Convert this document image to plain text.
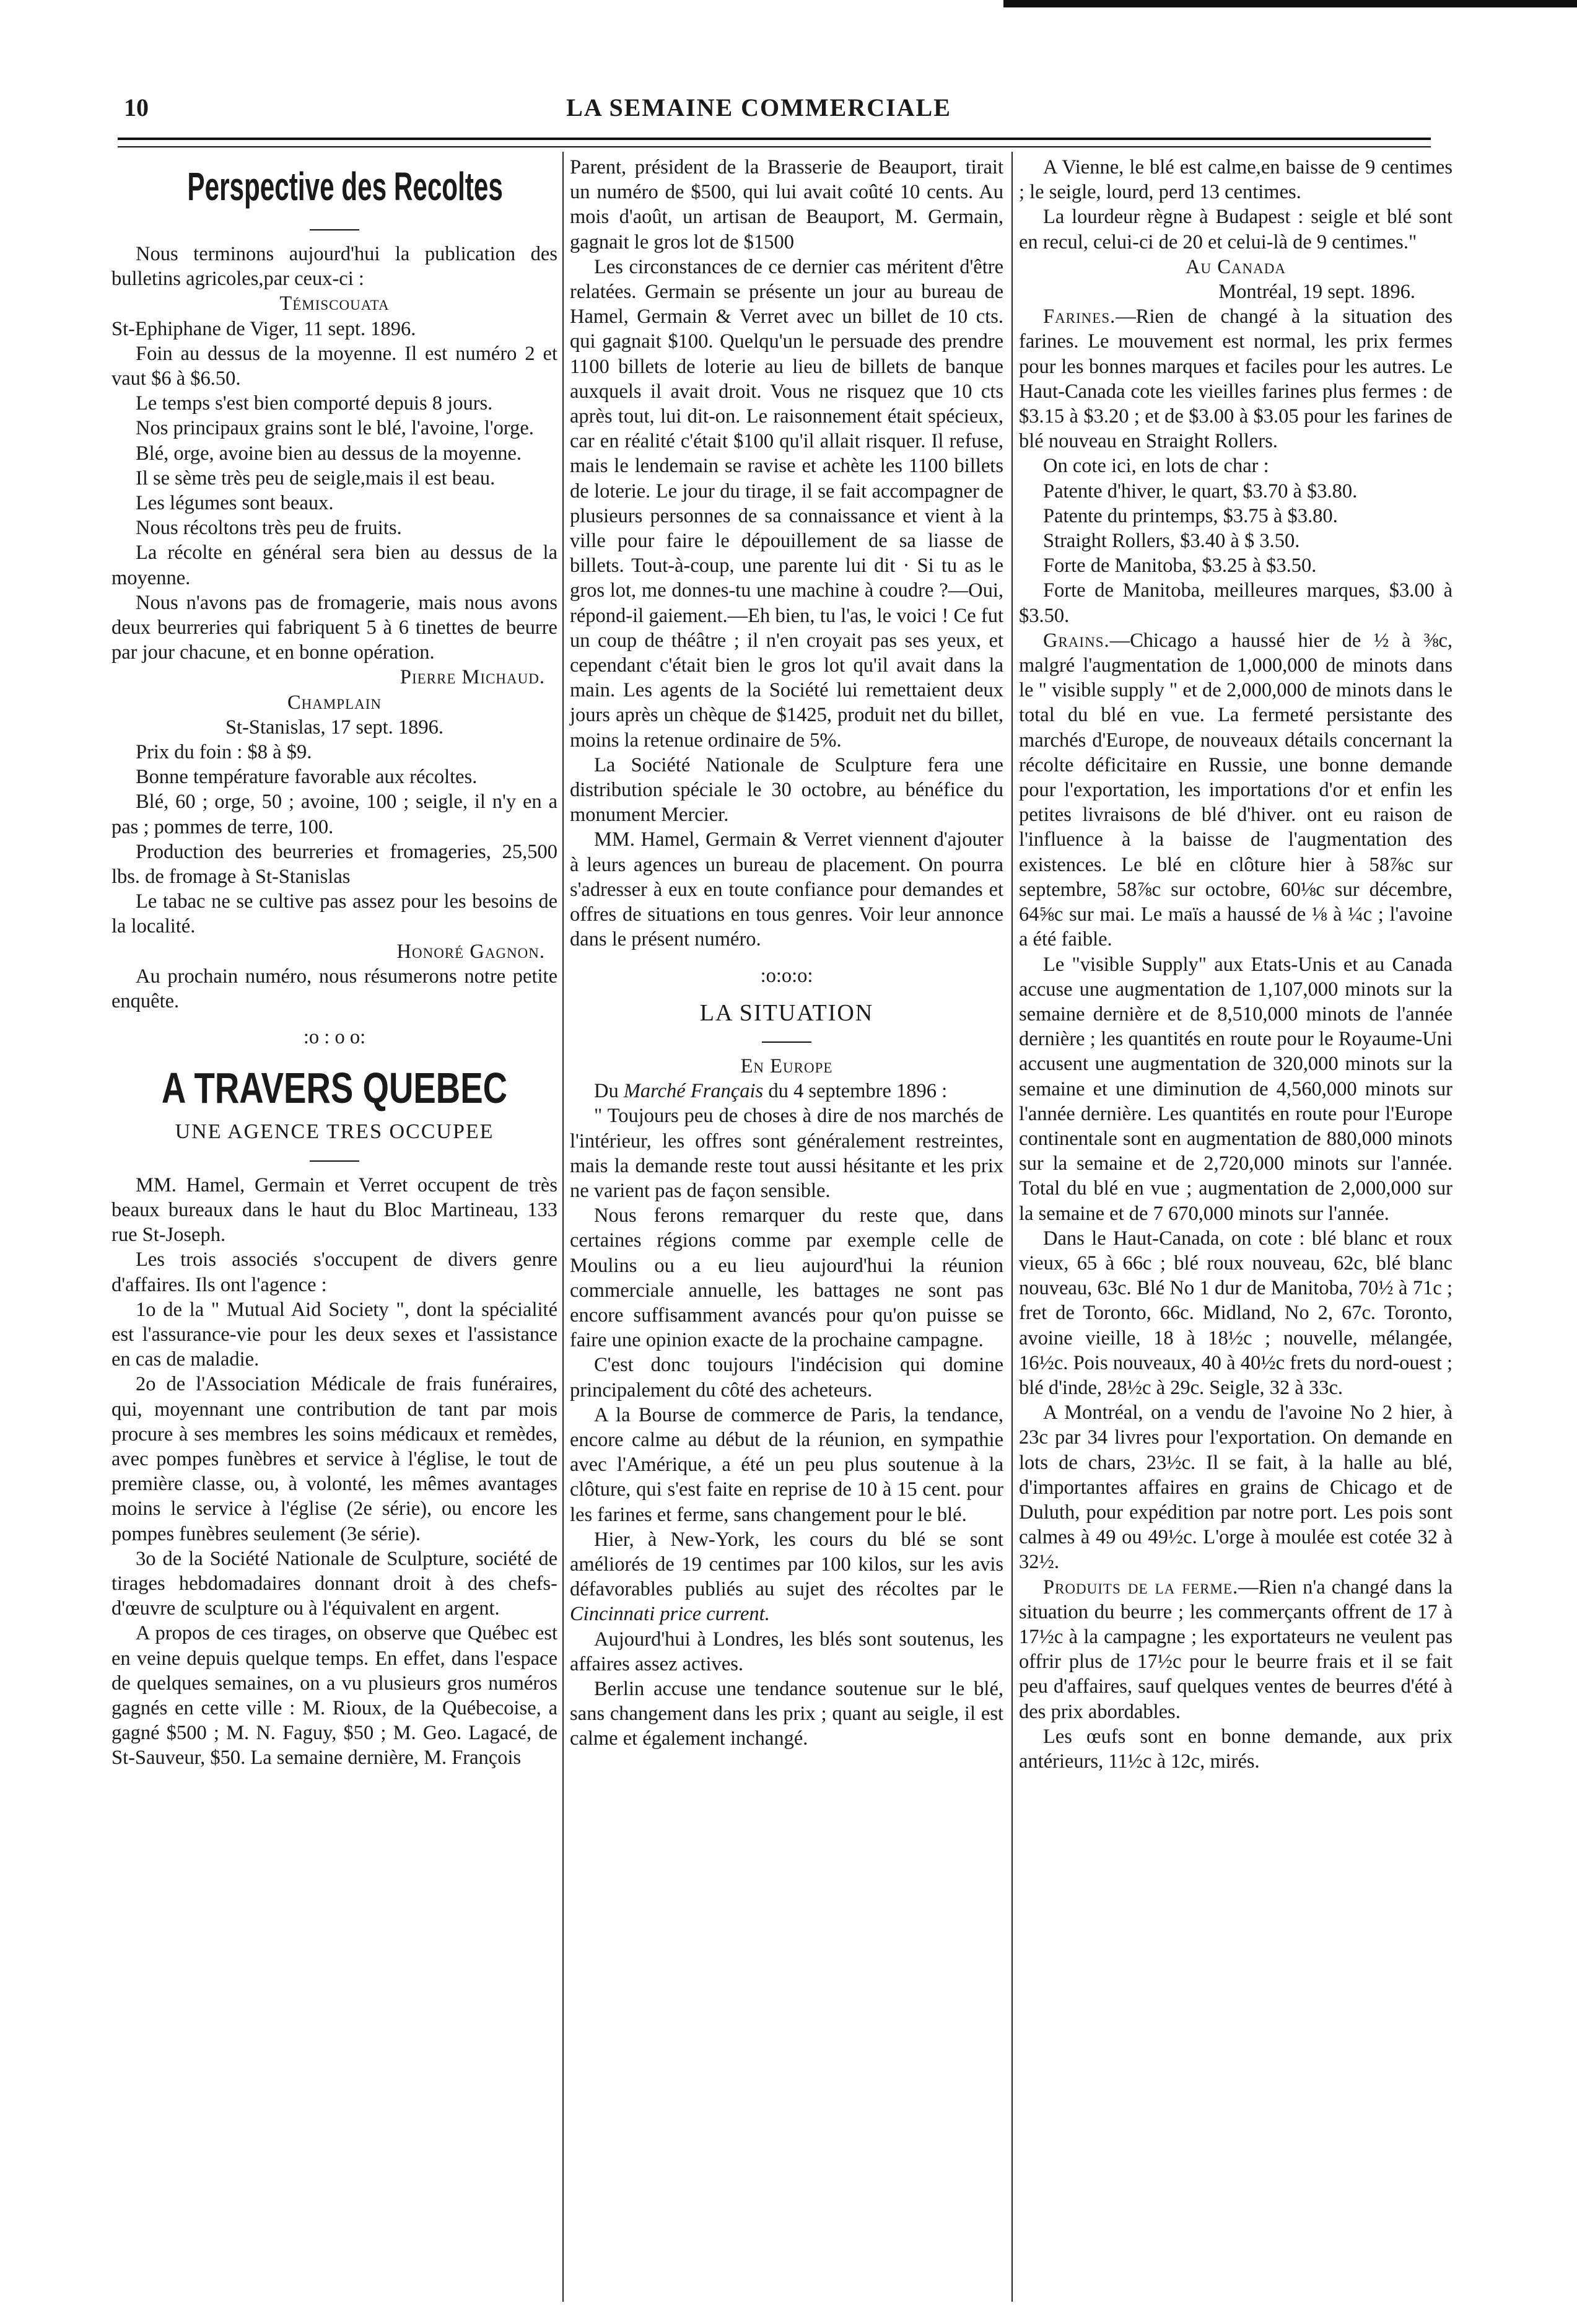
10	LA SEMAINE COMMERCIALE
Perspective des Recoltes

Nous terminons aujourd'hui la publication des bulletins agricoles,par ceux-ci :

Témiscouata

St-Ephiphane de Viger, 11 sept. 1896.

Foin au dessus de la moyenne. Il est numéro 2 et vaut $6 à $6.50.

Le temps s'est bien comporté depuis 8 jours.

Nos principaux grains sont le blé, l'avoine, l'orge.

Blé, orge, avoine bien au dessus de la moyenne.

Il se sème très peu de seigle,mais il est beau.

Les légumes sont beaux.

Nous récoltons très peu de fruits.

La récolte en général sera bien au dessus de la moyenne.

Nous n'avons pas de fromagerie, mais nous avons deux beurreries qui fabriquent 5 à 6 tinettes de beurre par jour chacune, et en bonne opération.

Pierre Michaud.

Champlain

St-Stanislas, 17 sept. 1896.

Prix du foin : $8 à $9.

Bonne température favorable aux récoltes.

Blé, 60 ; orge, 50 ; avoine, 100 ; seigle, il n'y en a pas ; pommes de terre, 100.

Production des beurreries et fromageries, 25,500 lbs. de fromage à St-Stanislas

Le tabac ne se cultive pas assez pour les besoins de la localité.

Honoré Gagnon.

Au prochain numéro, nous résumerons notre petite enquête.

:o : o o:

A TRAVERS QUEBEC

UNE AGENCE TRES OCCUPEE

MM. Hamel, Germain et Verret occupent de très beaux bureaux dans le haut du Bloc Martineau, 133 rue St-Joseph.

Les trois associés s'occupent de divers genre d'affaires. Ils ont l'agence :

1o de la " Mutual Aid Society ", dont la spécialité est l'assurance-vie pour les deux sexes et l'assistance en cas de maladie.

2o de l'Association Médicale de frais funéraires, qui, moyennant une contribution de tant par mois procure à ses membres les soins médicaux et remèdes, avec pompes funèbres et service à l'église, le tout de première classe, ou, à volonté, les mêmes avantages moins le service à l'église (2e série), ou encore les pompes funèbres seulement (3e série).

3o de la Société Nationale de Sculpture, société de tirages hebdomadaires donnant droit à des chefs-d'œuvre de sculpture ou à l'équivalent en argent.

A propos de ces tirages, on observe que Québec est en veine depuis quelque temps. En effet, dans l'espace de quelques semaines, on a vu plusieurs gros numéros gagnés en cette ville : M. Rioux, de la Québecoise, a gagné $500 ; M. N. Faguy, $50 ; M. Geo. Lagacé, de St-Sauveur, $50. La semaine dernière, M. François

Parent, président de la Brasserie de Beauport, tirait un numéro de $500, qui lui avait coûté 10 cents. Au mois d'août, un artisan de Beauport, M. Germain, gagnait le gros lot de $1500

Les circonstances de ce dernier cas méritent d'être relatées. Germain se présente un jour au bureau de Hamel, Germain & Verret avec un billet de 10 cts. qui gagnait $100. Quelqu'un le persuade des prendre 1100 billets de loterie au lieu de billets de banque auxquels il avait droit. Vous ne risquez que 10 cts après tout, lui dit-on. Le raisonnement était spécieux, car en réalité c'était $100 qu'il allait risquer. Il refuse, mais le lendemain se ravise et achète les 1100 billets de loterie. Le jour du tirage, il se fait accompagner de plusieurs personnes de sa connaissance et vient à la ville pour faire le dépouillement de sa liasse de billets. Tout-à-coup, une parente lui dit · Si tu as le gros lot, me donnes-tu une machine à coudre ?—Oui, répond-il gaiement.—Eh bien, tu l'as, le voici ! Ce fut un coup de théâtre ; il n'en croyait pas ses yeux, et cependant c'était bien le gros lot qu'il avait dans la main. Les agents de la Société lui remettaient deux jours après un chèque de $1425, produit net du billet, moins la retenue ordinaire de 5%.

La Société Nationale de Sculpture fera une distribution spéciale le 30 octobre, au bénéfice du monument Mercier.

MM. Hamel, Germain & Verret viennent d'ajouter à leurs agences un bureau de placement. On pourra s'adresser à eux en toute confiance pour demandes et offres de situations en tous genres. Voir leur annonce dans le présent numéro.

:o:o:o:

LA SITUATION

En Europe

Du Marché Français du 4 septembre 1896 :

" Toujours peu de choses à dire de nos marchés de l'intérieur, les offres sont généralement restreintes, mais la demande reste tout aussi hésitante et les prix ne varient pas de façon sensible.

Nous ferons remarquer du reste que, dans certaines régions comme par exemple celle de Moulins ou a eu lieu aujourd'hui la réunion commerciale annuelle, les battages ne sont pas encore suffisamment avancés pour qu'on puisse se faire une opinion exacte de la prochaine campagne.

C'est donc toujours l'indécision qui domine principalement du côté des acheteurs.

A la Bourse de commerce de Paris, la tendance, encore calme au début de la réunion, en sympathie avec l'Amérique, a été un peu plus soutenue à la clôture, qui s'est faite en reprise de 10 à 15 cent. pour les farines et ferme, sans changement pour le blé.

Hier, à New-York, les cours du blé se sont améliorés de 19 centimes par 100 kilos, sur les avis défavorables publiés au sujet des récoltes par le Cincinnati price current.

Aujourd'hui à Londres, les blés sont soutenus, les affaires assez actives.

Berlin accuse une tendance soutenue sur le blé, sans changement dans les prix ; quant au seigle, il est calme et également inchangé.

A Vienne, le blé est calme,en baisse de 9 centimes ; le seigle, lourd, perd 13 centimes.

La lourdeur règne à Budapest : seigle et blé sont en recul, celui-ci de 20 et celui-là de 9 centimes."

Au Canada

Montréal, 19 sept. 1896.

Farines.—Rien de changé à la situation des farines. Le mouvement est normal, les prix fermes pour les bonnes marques et faciles pour les autres. Le Haut-Canada cote les vieilles farines plus fermes : de $3.15 à $3.20 ; et de $3.00 à $3.05 pour les farines de blé nouveau en Straight Rollers.

On cote ici, en lots de char :

Patente d'hiver, le quart, $3.70 à $3.80.

Patente du printemps, $3.75 à $3.80.

Straight Rollers, $3.40 à $ 3.50.

Forte de Manitoba, $3.25 à $3.50.

Forte de Manitoba, meilleures marques, $3.00 à $3.50.

Grains.—Chicago a haussé hier de ½ à ⅜c, malgré l'augmentation de 1,000,000 de minots dans le " visible supply " et de 2,000,000 de minots dans le total du blé en vue. La fermeté persistante des marchés d'Europe, de nouveaux détails concernant la récolte déficitaire en Russie, une bonne demande pour l'exportation, les importations d'or et enfin les petites livraisons de blé d'hiver. ont eu raison de l'influence à la baisse de l'augmentation des existences. Le blé en clôture hier à 58⅞c sur septembre, 58⅞c sur octobre, 60⅛c sur décembre, 64⅝c sur mai. Le maïs a haussé de ⅛ à ¼c ; l'avoine a été faible.

Le "visible Supply" aux Etats-Unis et au Canada accuse une augmentation de 1,107,000 minots sur la semaine dernière et de 8,510,000 minots de l'année dernière ; les quantités en route pour le Royaume-Uni accusent une augmentation de 320,000 minots sur la semaine et une diminution de 4,560,000 minots sur l'année dernière. Les quantités en route pour l'Europe continentale sont en augmentation de 880,000 minots sur la semaine et de 2,720,000 minots sur l'année. Total du blé en vue ; augmentation de 2,000,000 sur la semaine et de 7 670,000 minots sur l'année.

Dans le Haut-Canada, on cote : blé blanc et roux vieux, 65 à 66c ; blé roux nouveau, 62c, blé blanc nouveau, 63c. Blé No 1 dur de Manitoba, 70½ à 71c ; fret de Toronto, 66c. Midland, No 2, 67c. Toronto, avoine vieille, 18 à 18½c ; nouvelle, mélangée, 16½c. Pois nouveaux, 40 à 40½c frets du nord-ouest ; blé d'inde, 28½c à 29c. Seigle, 32 à 33c.

A Montréal, on a vendu de l'avoine No 2 hier, à 23c par 34 livres pour l'exportation. On demande en lots de chars, 23½c. Il se fait, à la halle au blé, d'importantes affaires en grains de Chicago et de Duluth, pour expédition par notre port. Les pois sont calmes à 49 ou 49½c. L'orge à moulée est cotée 32 à 32½.

Produits de la ferme.—Rien n'a changé dans la situation du beurre ; les commerçants offrent de 17 à 17½c à la campagne ; les exportateurs ne veulent pas offrir plus de 17½c pour le beurre frais et il se fait peu d'affaires, sauf quelques ventes de beurres d'été à des prix abordables.

Les œufs sont en bonne demande, aux prix antérieurs, 11½c à 12c, mirés.
